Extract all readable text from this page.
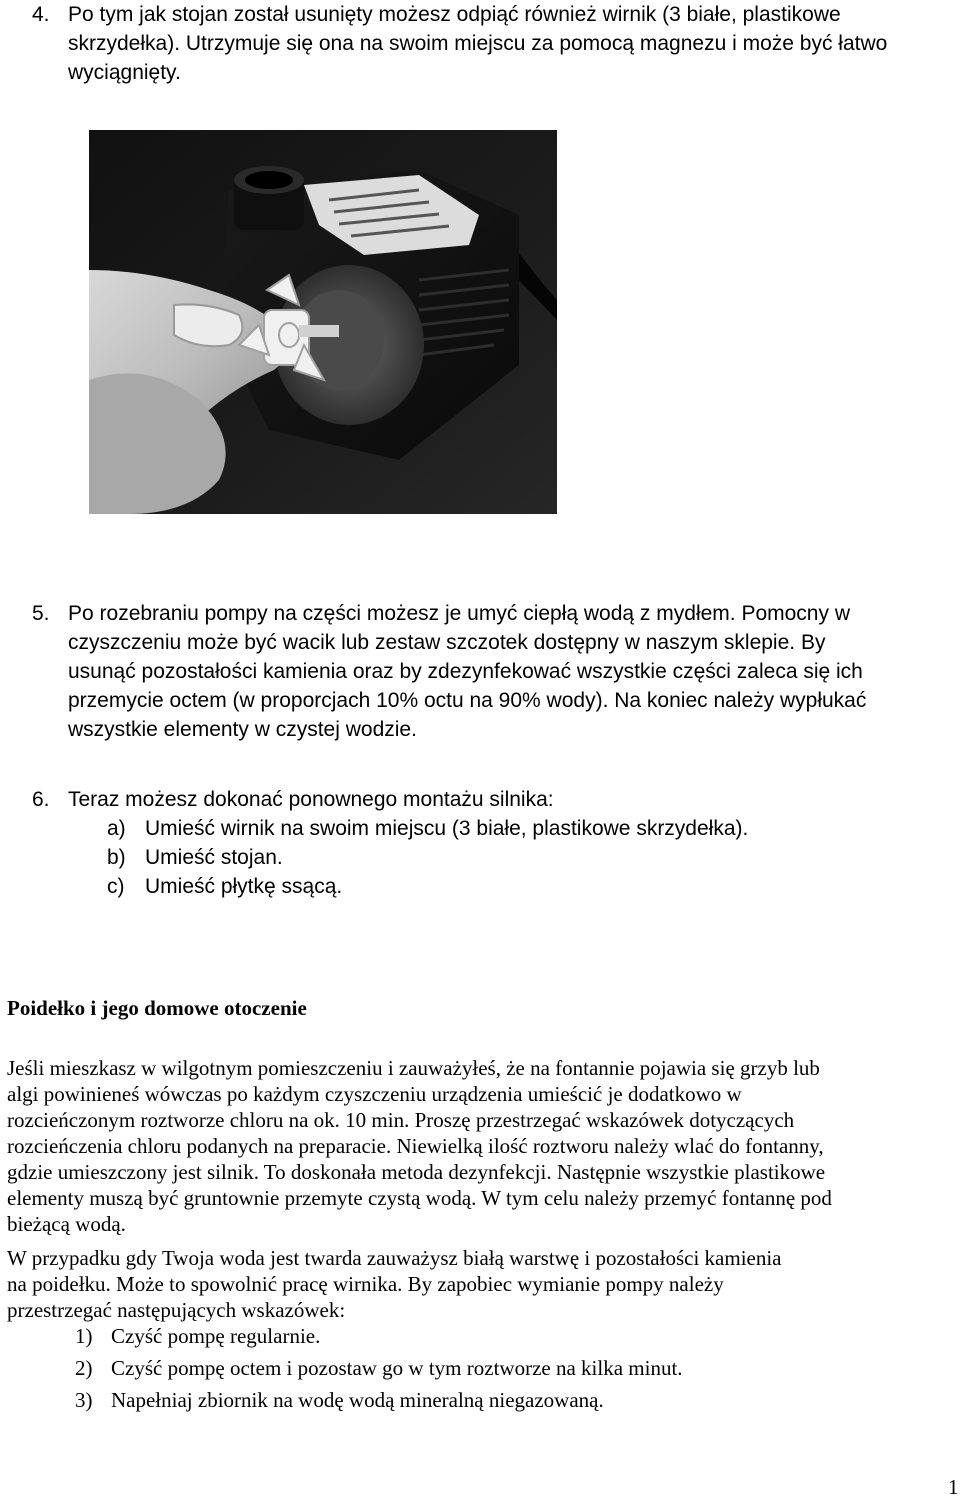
4. Po tym jak stojan został usunięty możesz odpiąć również wirnik (3 białe, plastikowe
skrzydełka). Utrzymuje się ona na swoim miejscu za pomocą magnezu i może być łatwo
wyciągnięty.
5. Po rozebraniu pompy na części możesz je umyć ciepłą wodą z mydłem. Pomocny w
czyszczeniu może być wacik lub zestaw szczotek dostępny w naszym sklepie. By
usunąć pozostałości kamienia oraz by zdezynfekować wszystkie części zaleca się ich
przemycie octem (w proporcjach 10% octu na 90% wody). Na koniec należy wypłukać
wszystkie elementy w czystej wodzie.
6. Teraz możesz dokonać ponownego montażu silnika:
a) Umieść wirnik na swoim miejscu (3 białe, plastikowe skrzydełka).
b) Umieść stojan.
c) Umieść płytkę ssącą.
Poidełko i jego domowe otoczenie
Jeśli mieszkasz w wilgotnym pomieszczeniu i zauważyłeś, że na fontannie pojawia się grzyb lub
algi powinieneś wówczas po każdym czyszczeniu urządzenia umieścić je dodatkowo w
rozcieńczonym roztworze chloru na ok. 10 min. Proszę przestrzegać wskazówek dotyczących
rozcieńczenia chloru podanych na preparacie. Niewielką ilość roztworu należy wlać do fontanny,
gdzie umieszczony jest silnik. To doskonała metoda dezynfekcji. Następnie wszystkie plastikowe
elementy muszą być gruntownie przemyte czystą wodą. W tym celu należy przemyć fontannę pod
bieżącą wodą.
W przypadku gdy Twoja woda jest twarda zauważysz białą warstwę i pozostałości kamienia
na poidełku. Może to spowolnić pracę wirnika. By zapobiec wymianie pompy należy
przestrzegać następujących wskazówek:
1) Czyść pompę regularnie.
2) Czyść pompę octem i pozostaw go w tym roztworze na kilka minut.
3) Napełniaj zbiornik na wodę wodą mineralną niegazowaną.
1
